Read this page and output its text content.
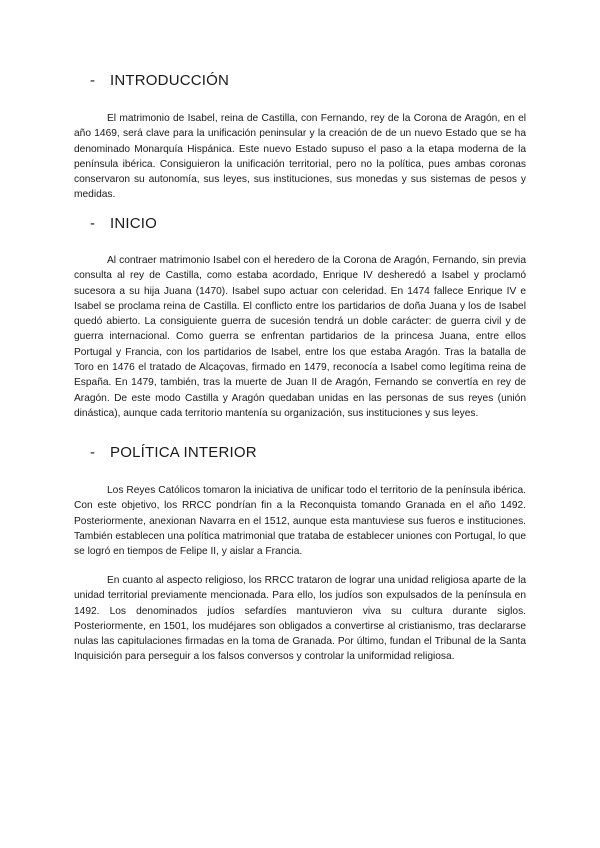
- INTRODUCCIÓN

El matrimonio de Isabel, reina de Castilla, con Fernando, rey de la Corona de Aragón, en el año 1469, será clave para la unificación peninsular y la creación de de un nuevo Estado que se ha denominado Monarquía Hispánica. Este nuevo Estado supuso el paso a la etapa moderna de la península ibérica. Consiguieron la unificación territorial, pero no la política, pues ambas coronas conservaron su autonomía, sus leyes, sus instituciones, sus monedas y sus sistemas de pesos y medidas.

- INICIO

Al contraer matrimonio Isabel con el heredero de la Corona de Aragón, Fernando, sin previa consulta al rey de Castilla, como estaba acordado, Enrique IV desheredó a Isabel y proclamó sucesora a su hija Juana (1470). Isabel supo actuar con celeridad. En 1474 fallece Enrique IV e Isabel se proclama reina de Castilla. El conflicto entre los partidarios de doña Juana y los de Isabel quedó abierto. La consiguiente guerra de sucesión tendrá un doble carácter: de guerra civil y de guerra internacional. Como guerra se enfrentan partidarios de la princesa Juana, entre ellos Portugal y Francia, con los partidarios de Isabel, entre los que estaba Aragón. Tras la batalla de Toro en 1476 el tratado de Alcaçovas, firmado en 1479, reconocía a Isabel como legítima reina de España. En 1479, también, tras la muerte de Juan II de Aragón, Fernando se convertía en rey de Aragón. De este modo Castilla y Aragón quedaban unidas en las personas de sus reyes (unión dinástica), aunque cada territorio mantenía su organización, sus instituciones y sus leyes.

- POLÍTICA INTERIOR

Los Reyes Católicos tomaron la iniciativa de unificar todo el territorio de la península ibérica. Con este objetivo, los RRCC pondrían fin a la Reconquista tomando Granada en el año 1492. Posteriormente, anexionan Navarra en el 1512, aunque esta mantuviese sus fueros e instituciones. También establecen una política matrimonial que trataba de establecer uniones con Portugal, lo que se logró en tiempos de Felipe II, y aislar a Francia.

En cuanto al aspecto religioso, los RRCC trataron de lograr una unidad religiosa aparte de la unidad territorial previamente mencionada. Para ello, los judíos son expulsados de la península en 1492. Los denominados judíos sefardíes mantuvieron viva su cultura durante siglos. Posteriormente, en 1501, los mudéjares son obligados a convertirse al cristianismo, tras declararse nulas las capitulaciones firmadas en la toma de Granada. Por último, fundan el Tribunal de la Santa Inquisición para perseguir a los falsos conversos y controlar la uniformidad religiosa.
